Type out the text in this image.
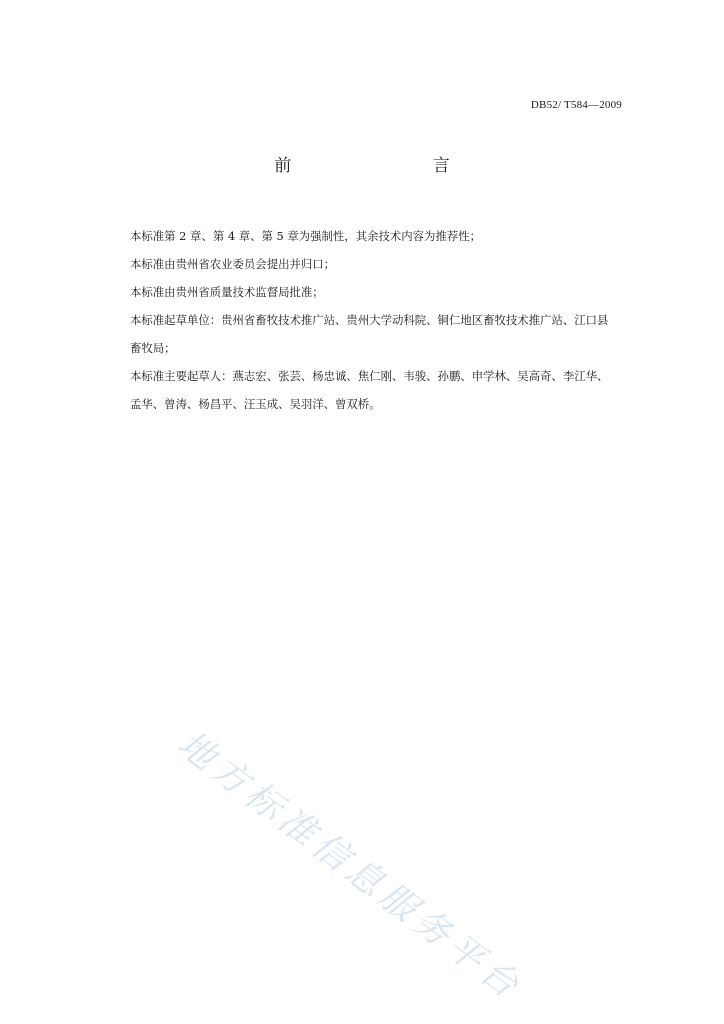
DB52/ T584—2009
前 言

本标准第 2 章、第 4 章、第 5 章为强制性，其余技术内容为推荐性；

本标准由贵州省农业委员会提出并归口；

本标准由贵州省质量技术监督局批准；

本标准起草单位：贵州省畜牧技术推广站、贵州大学动科院、铜仁地区畜牧技术推广站、江口县畜牧局；

本标准主要起草人：燕志宏、张芸、杨忠诚、焦仁刚、韦骏、孙鹏、申学林、吴高奇、李江华、孟华、曾涛、杨昌平、汪玉成、吴羽洋、曾双桥。

地方标准信息服务平台
